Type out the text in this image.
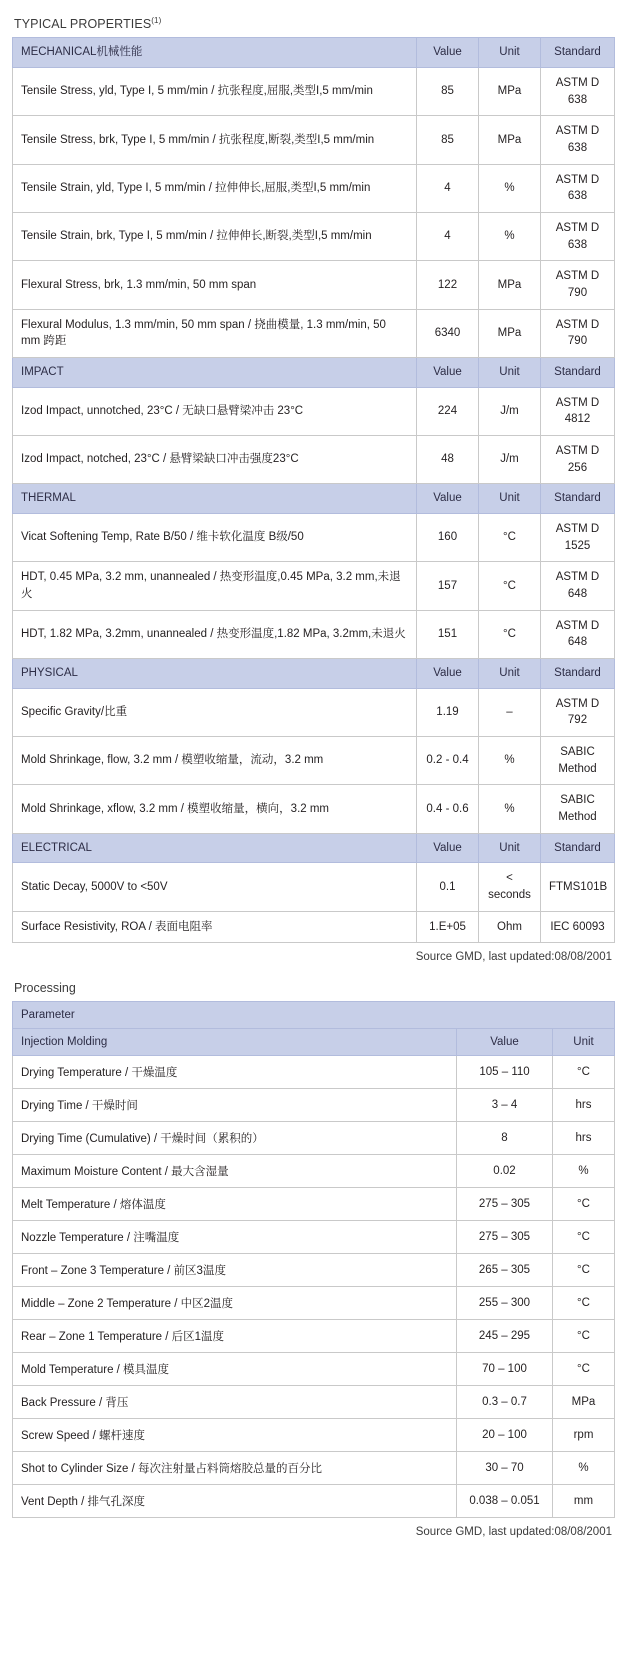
TYPICAL PROPERTIES$^{(1)}$
MECHANICAL机械性能	Value	Unit	Standard
Tensile Stress, yld, Type I, 5 mm/min / 抗张程度,屈服,类型I,5 mm/min	85	MPa	ASTM D 638
Tensile Stress, brk, Type I, 5 mm/min / 抗张程度,断裂,类型I,5 mm/min	85	MPa	ASTM D 638
Tensile Strain, yld, Type I, 5 mm/min / 拉伸伸长,屈服,类型I,5 mm/min	4	%	ASTM D 638
Tensile Strain, brk, Type I, 5 mm/min / 拉伸伸长,断裂,类型I,5 mm/min	4	%	ASTM D 638
Flexural Stress, brk, 1.3 mm/min, 50 mm span	122	MPa	ASTM D 790
Flexural Modulus, 1.3 mm/min, 50 mm span / 挠曲模量, 1.3 mm/min, 50 mm 跨距	6340	MPa	ASTM D 790
IMPACT	Value	Unit	Standard
Izod Impact, unnotched, 23°C / 无缺口悬臂梁冲击 23°C	224	J/m	ASTM D 4812
Izod Impact, notched, 23°C / 悬臂梁缺口冲击强度23°C	48	J/m	ASTM D 256
THERMAL	Value	Unit	Standard
Vicat Softening Temp, Rate B/50 / 维卡软化温度 B级/50	160	°C	ASTM D 1525
HDT, 0.45 MPa, 3.2 mm, unannealed / 热变形温度,0.45 MPa, 3.2 mm,未退火	157	°C	ASTM D 648
HDT, 1.82 MPa, 3.2mm, unannealed / 热变形温度,1.82 MPa, 3.2mm,未退火	151	°C	ASTM D 648
PHYSICAL	Value	Unit	Standard
Specific Gravity/比重	1.19	–	ASTM D 792
Mold Shrinkage, flow, 3.2 mm / 模塑收缩量，流动，3.2 mm	0.2 - 0.4	%	SABIC Method
Mold Shrinkage, xflow, 3.2 mm / 模塑收缩量，横向，3.2 mm	0.4 - 0.6	%	SABIC Method
ELECTRICAL	Value	Unit	Standard
Static Decay, 5000V to <50V	0.1	< seconds	FTMS101B
Surface Resistivity, ROA / 表面电阻率	1.E+05	Ohm	IEC 60093
Source GMD, last updated:08/08/2001
Processing
Parameter		
Injection Molding	Value	Unit
Drying Temperature / 干燥温度	105 – 110	°C
Drying Time / 干燥时间	3 – 4	hrs
Drying Time (Cumulative) / 干燥时间（累积的）	8	hrs
Maximum Moisture Content / 最大含湿量	0.02	%
Melt Temperature / 熔体温度	275 – 305	°C
Nozzle Temperature / 注嘴温度	275 – 305	°C
Front – Zone 3 Temperature / 前区3温度	265 – 305	°C
Middle – Zone 2 Temperature / 中区2温度	255 – 300	°C
Rear – Zone 1 Temperature / 后区1温度	245 – 295	°C
Mold Temperature / 模具温度	70 – 100	°C
Back Pressure / 背压	0.3 – 0.7	MPa
Screw Speed / 螺杆速度	20 – 100	rpm
Shot to Cylinder Size / 每次注射量占料筒熔胶总量的百分比	30 – 70	%
Vent Depth / 排气孔深度	0.038 – 0.051	mm
Source GMD, last updated:08/08/2001
